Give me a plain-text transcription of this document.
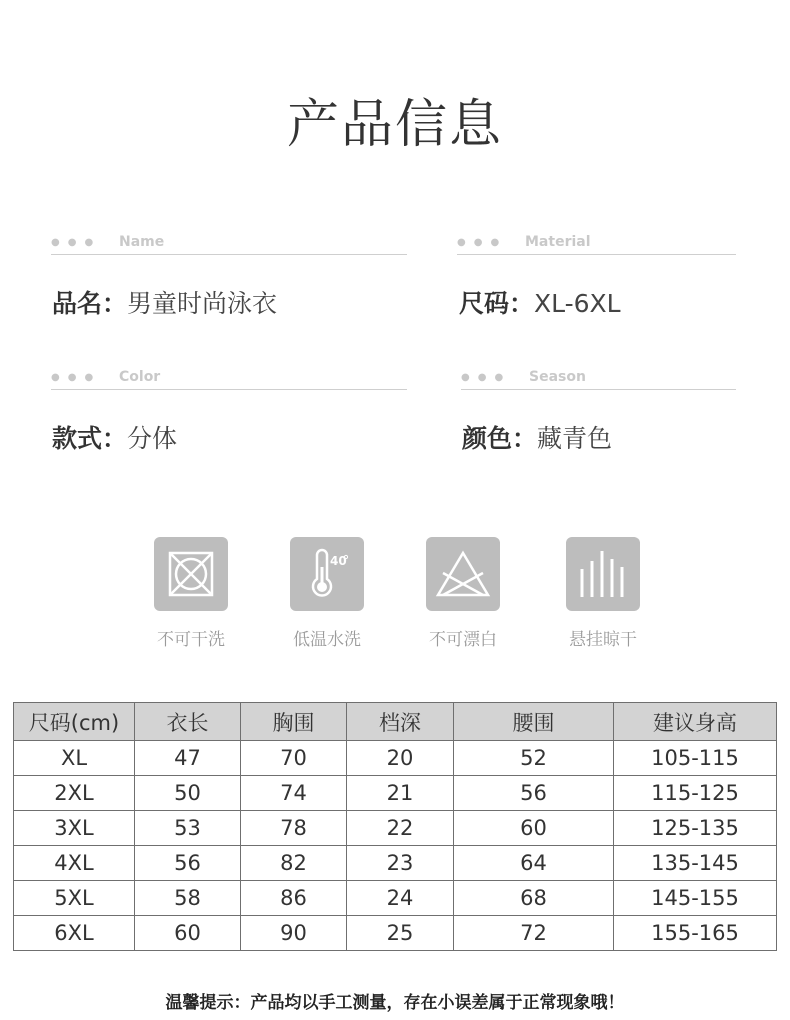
产品信息
●●● Name	●●● Material
●●● Color	●●● Season
品名：男童时尚泳衣	尺码：XL-6XL
款式：分体	颜色：藏青色
不可干洗
40
低温水洗	不可漂白	悬挂晾干
尺码(cm)	衣长	胸围	档深	腰围	建议身高
XL	47	70	20	52	105-115
2XL	50	74	21	56	115-125
3XL	53	78	22	60	125-135
4XL	56	82	23	64	135-145
5XL	58	86	24	68	145-155
6XL	60	90	25	72	155-165
温馨提示：产品均以手工测量，存在小误差属于正常现象哦！
